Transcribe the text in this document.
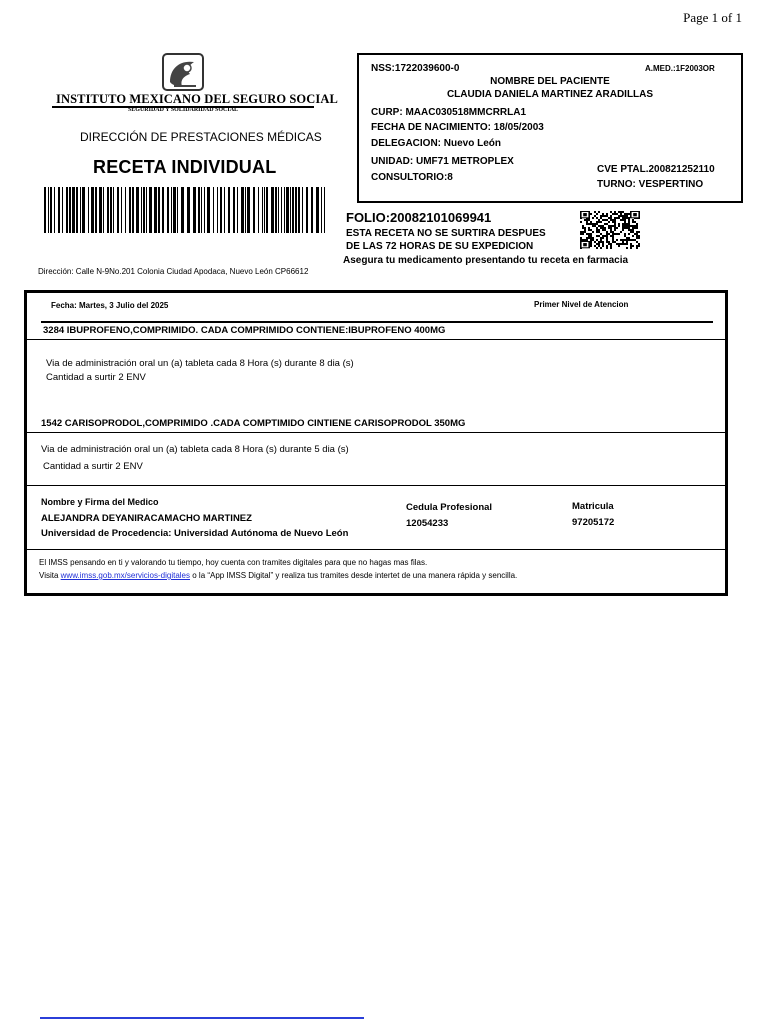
Page 1 of 1
INSTITUTO MEXICANO DEL SEGURO SOCIAL
SEGURIDAD Y SOLIDARIDAD SOCIAL
DIRECCIÓN DE PRESTACIONES MÉDICAS
RECETA INDIVIDUAL
NSS:1722039600-0	A.MED.:1F2003OR
NOMBRE DEL PACIENTE
CLAUDIA DANIELA MARTINEZ ARADILLAS
CURP: MAAC030518MMCRRLA1
FECHA DE NACIMIENTO: 18/05/2003
DELEGACION: Nuevo León
UNIDAD: UMF71 METROPLEX
CONSULTORIO:8
CVE PTAL.200821252110
TURNO: VESPERTINO
FOLIO:20082101069941
ESTA RECETA NO SE SURTIRA DESPUES
DE LAS 72 HORAS DE SU EXPEDICION
Asegura tu medicamento presentando tu receta en farmacia
Dirección: Calle N-9No.201 Colonia Ciudad Apodaca, Nuevo León CP66612
Fecha: Martes, 3 Julio del 2025	Primer Nivel de Atencion
3284 IBUPROFENO,COMPRIMIDO. CADA COMPRIMIDO CONTIENE:IBUPROFENO 400MG
Via de administración oral un (a) tableta cada 8 Hora (s) durante 8 dia (s)
Cantidad a surtir 2 ENV
1542 CARISOPRODOL,COMPRIMIDO .CADA COMPTIMIDO CINTIENE CARISOPRODOL 350MG
Via de administración oral un (a) tableta cada 8 Hora (s) durante 5 dia (s)
Cantidad a surtir 2 ENV
Nombre y Firma del Medico
ALEJANDRA DEYANIRACAMACHO MARTINEZ
Universidad de Procedencia: Universidad Autónoma de Nuevo León
Cedula Profesional
12054233
Matricula
97205172
El IMSS pensando en ti y valorando tu tiempo, hoy cuenta con tramites digitales para que no hagas mas filas.
Visita www.imss.gob.mx/servicios-digitales o la “App IMSS Digital” y realiza tus tramites desde intertet de una manera rápida y sencilla.
